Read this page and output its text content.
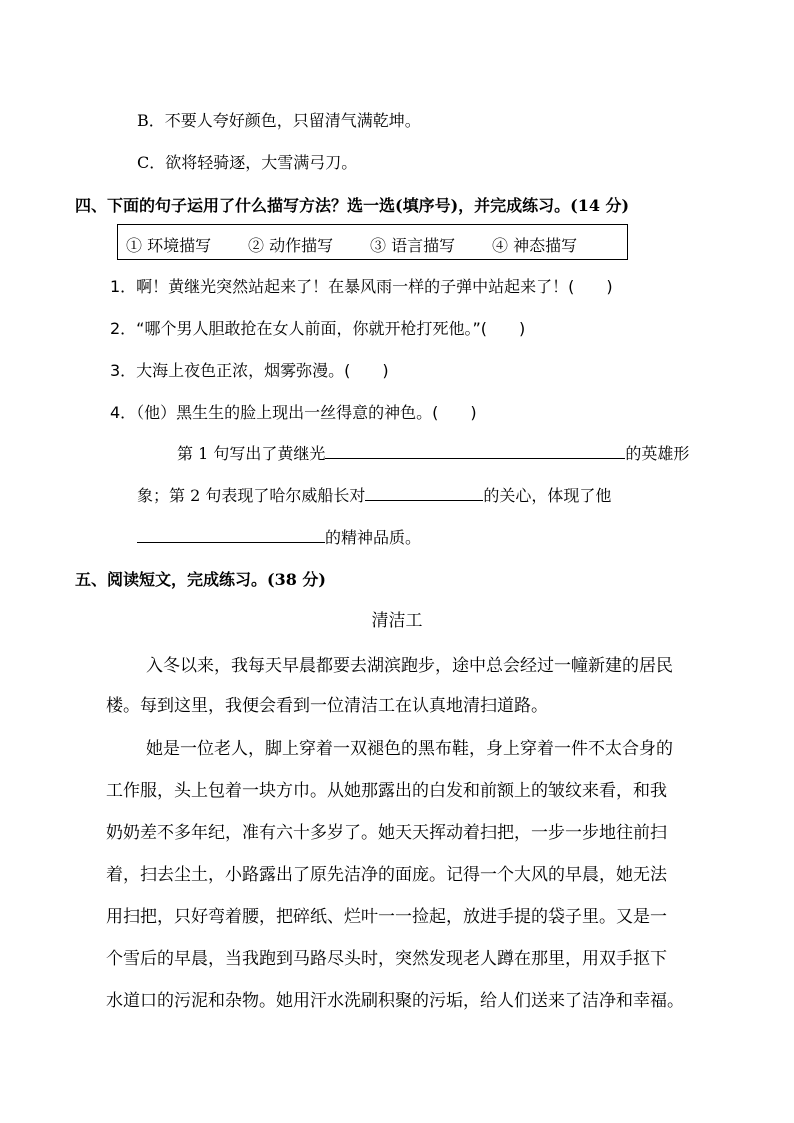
B．不要人夸好颜色，只留清气满乾坤。
C．欲将轻骑逐，大雪满弓刀。
四、下面的句子运用了什么描写方法？选一选(填序号)，并完成练习。(14 分)
① 环境描写 ② 动作描写 ③ 语言描写 ④ 神态描写
1．啊！黄继光突然站起来了！在暴风雨一样的子弹中站起来了！(　　)
2．“哪个男人胆敢抢在女人前面，你就开枪打死他。”(　　)
3．大海上夜色正浓，烟雾弥漫。(　　)
4．（他）黑生生的脸上现出一丝得意的神色。(　　)
第 1 句写出了黄继光	的英雄形
象；第 2 句表现了哈尔威船长对	的关心，体现了他
的精神品质。
五、阅读短文，完成练习。(38 分)
清洁工
入冬以来，我每天早晨都要去湖滨跑步，途中总会经过一幢新建的居民
楼。每到这里，我便会看到一位清洁工在认真地清扫道路。
她是一位老人，脚上穿着一双褪色的黑布鞋，身上穿着一件不太合身的
工作服，头上包着一块方巾。从她那露出的白发和前额上的皱纹来看，和我
奶奶差不多年纪，准有六十多岁了。她天天挥动着扫把，一步一步地往前扫
着，扫去尘土，小路露出了原先洁净的面庞。记得一个大风的早晨，她无法
用扫把，只好弯着腰，把碎纸、烂叶一一捡起，放进手提的袋子里。又是一
个雪后的早晨，当我跑到马路尽头时，突然发现老人蹲在那里，用双手抠下
水道口的污泥和杂物。她用汗水洗刷积聚的污垢，给人们送来了洁净和幸福。
